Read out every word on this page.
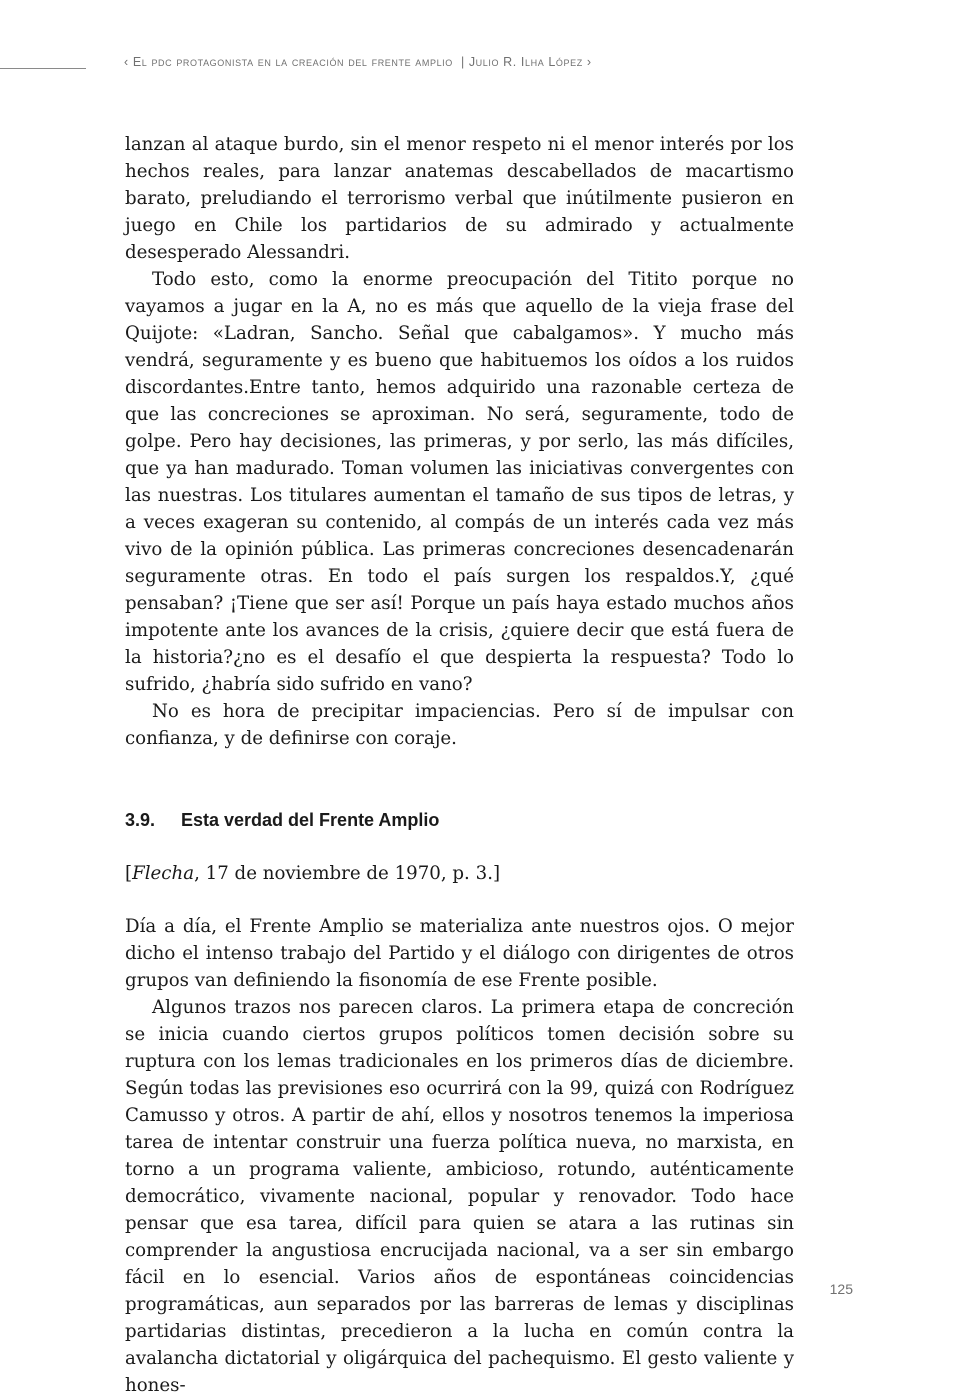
‹ El pdc protagonista en la creación del frente amplio | Julio R. Ilha López ›

lanzan al ataque burdo, sin el menor respeto ni el menor interés por los hechos reales, para lanzar anatemas descabellados de macartismo barato, preludiando el terrorismo verbal que inútilmente pusieron en juego en Chile los partidarios de su admirado y actualmente desesperado Alessandri.

Todo esto, como la enorme preocupación del Titito porque no vayamos a jugar en la A, no es más que aquello de la vieja frase del Quijote: «Ladran, Sancho. Señal que cabalgamos». Y mucho más vendrá, seguramente y es bueno que habituemos los oídos a los ruidos discordantes.Entre tanto, hemos adquirido una razonable certeza de que las concreciones se aproximan. No será, seguramente, todo de golpe. Pero hay decisiones, las primeras, y por serlo, las más difíciles, que ya han madurado. Toman volumen las iniciativas convergentes con las nuestras. Los titulares aumentan el tamaño de sus tipos de letras, y a veces exageran su contenido, al compás de un interés cada vez más vivo de la opinión pública. Las primeras concreciones desencadenarán seguramente otras. En todo el país surgen los respaldos.Y, ¿qué pensaban? ¡Tiene que ser así! Porque un país haya estado muchos años impotente ante los avances de la crisis, ¿quiere decir que está fuera de la historia?¿no es el desafío el que despierta la respuesta? Todo lo sufrido, ¿habría sido sufrido en vano?

No es hora de precipitar impaciencias. Pero sí de impulsar con confianza, y de definirse con coraje.

3.9. Esta verdad del Frente Amplio

[Flecha, 17 de noviembre de 1970, p. 3.]

Día a día, el Frente Amplio se materializa ante nuestros ojos. O mejor dicho el intenso trabajo del Partido y el diálogo con dirigentes de otros grupos van definiendo la fisonomía de ese Frente posible.

Algunos trazos nos parecen claros. La primera etapa de concreción se inicia cuando ciertos grupos políticos tomen decisión sobre su ruptura con los lemas tradicionales en los primeros días de diciembre. Según todas las previsiones eso ocurrirá con la 99, quizá con Rodríguez Camusso y otros. A partir de ahí, ellos y nosotros tenemos la imperiosa tarea de intentar construir una fuerza política nueva, no marxista, en torno a un programa valiente, ambicioso, rotundo, auténticamente democrático, vivamente nacional, popular y renovador. Todo hace pensar que esa tarea, difícil para quien se atara a las rutinas sin comprender la angustiosa encrucijada nacional, va a ser sin embargo fácil en lo esencial. Varios años de espontáneas coincidencias programáticas, aun separados por las barreras de lemas y disciplinas partidarias distintas, precedieron a la lucha en común contra la avalancha dictatorial y oligárquica del pachequismo. El gesto valiente y hones-

125
